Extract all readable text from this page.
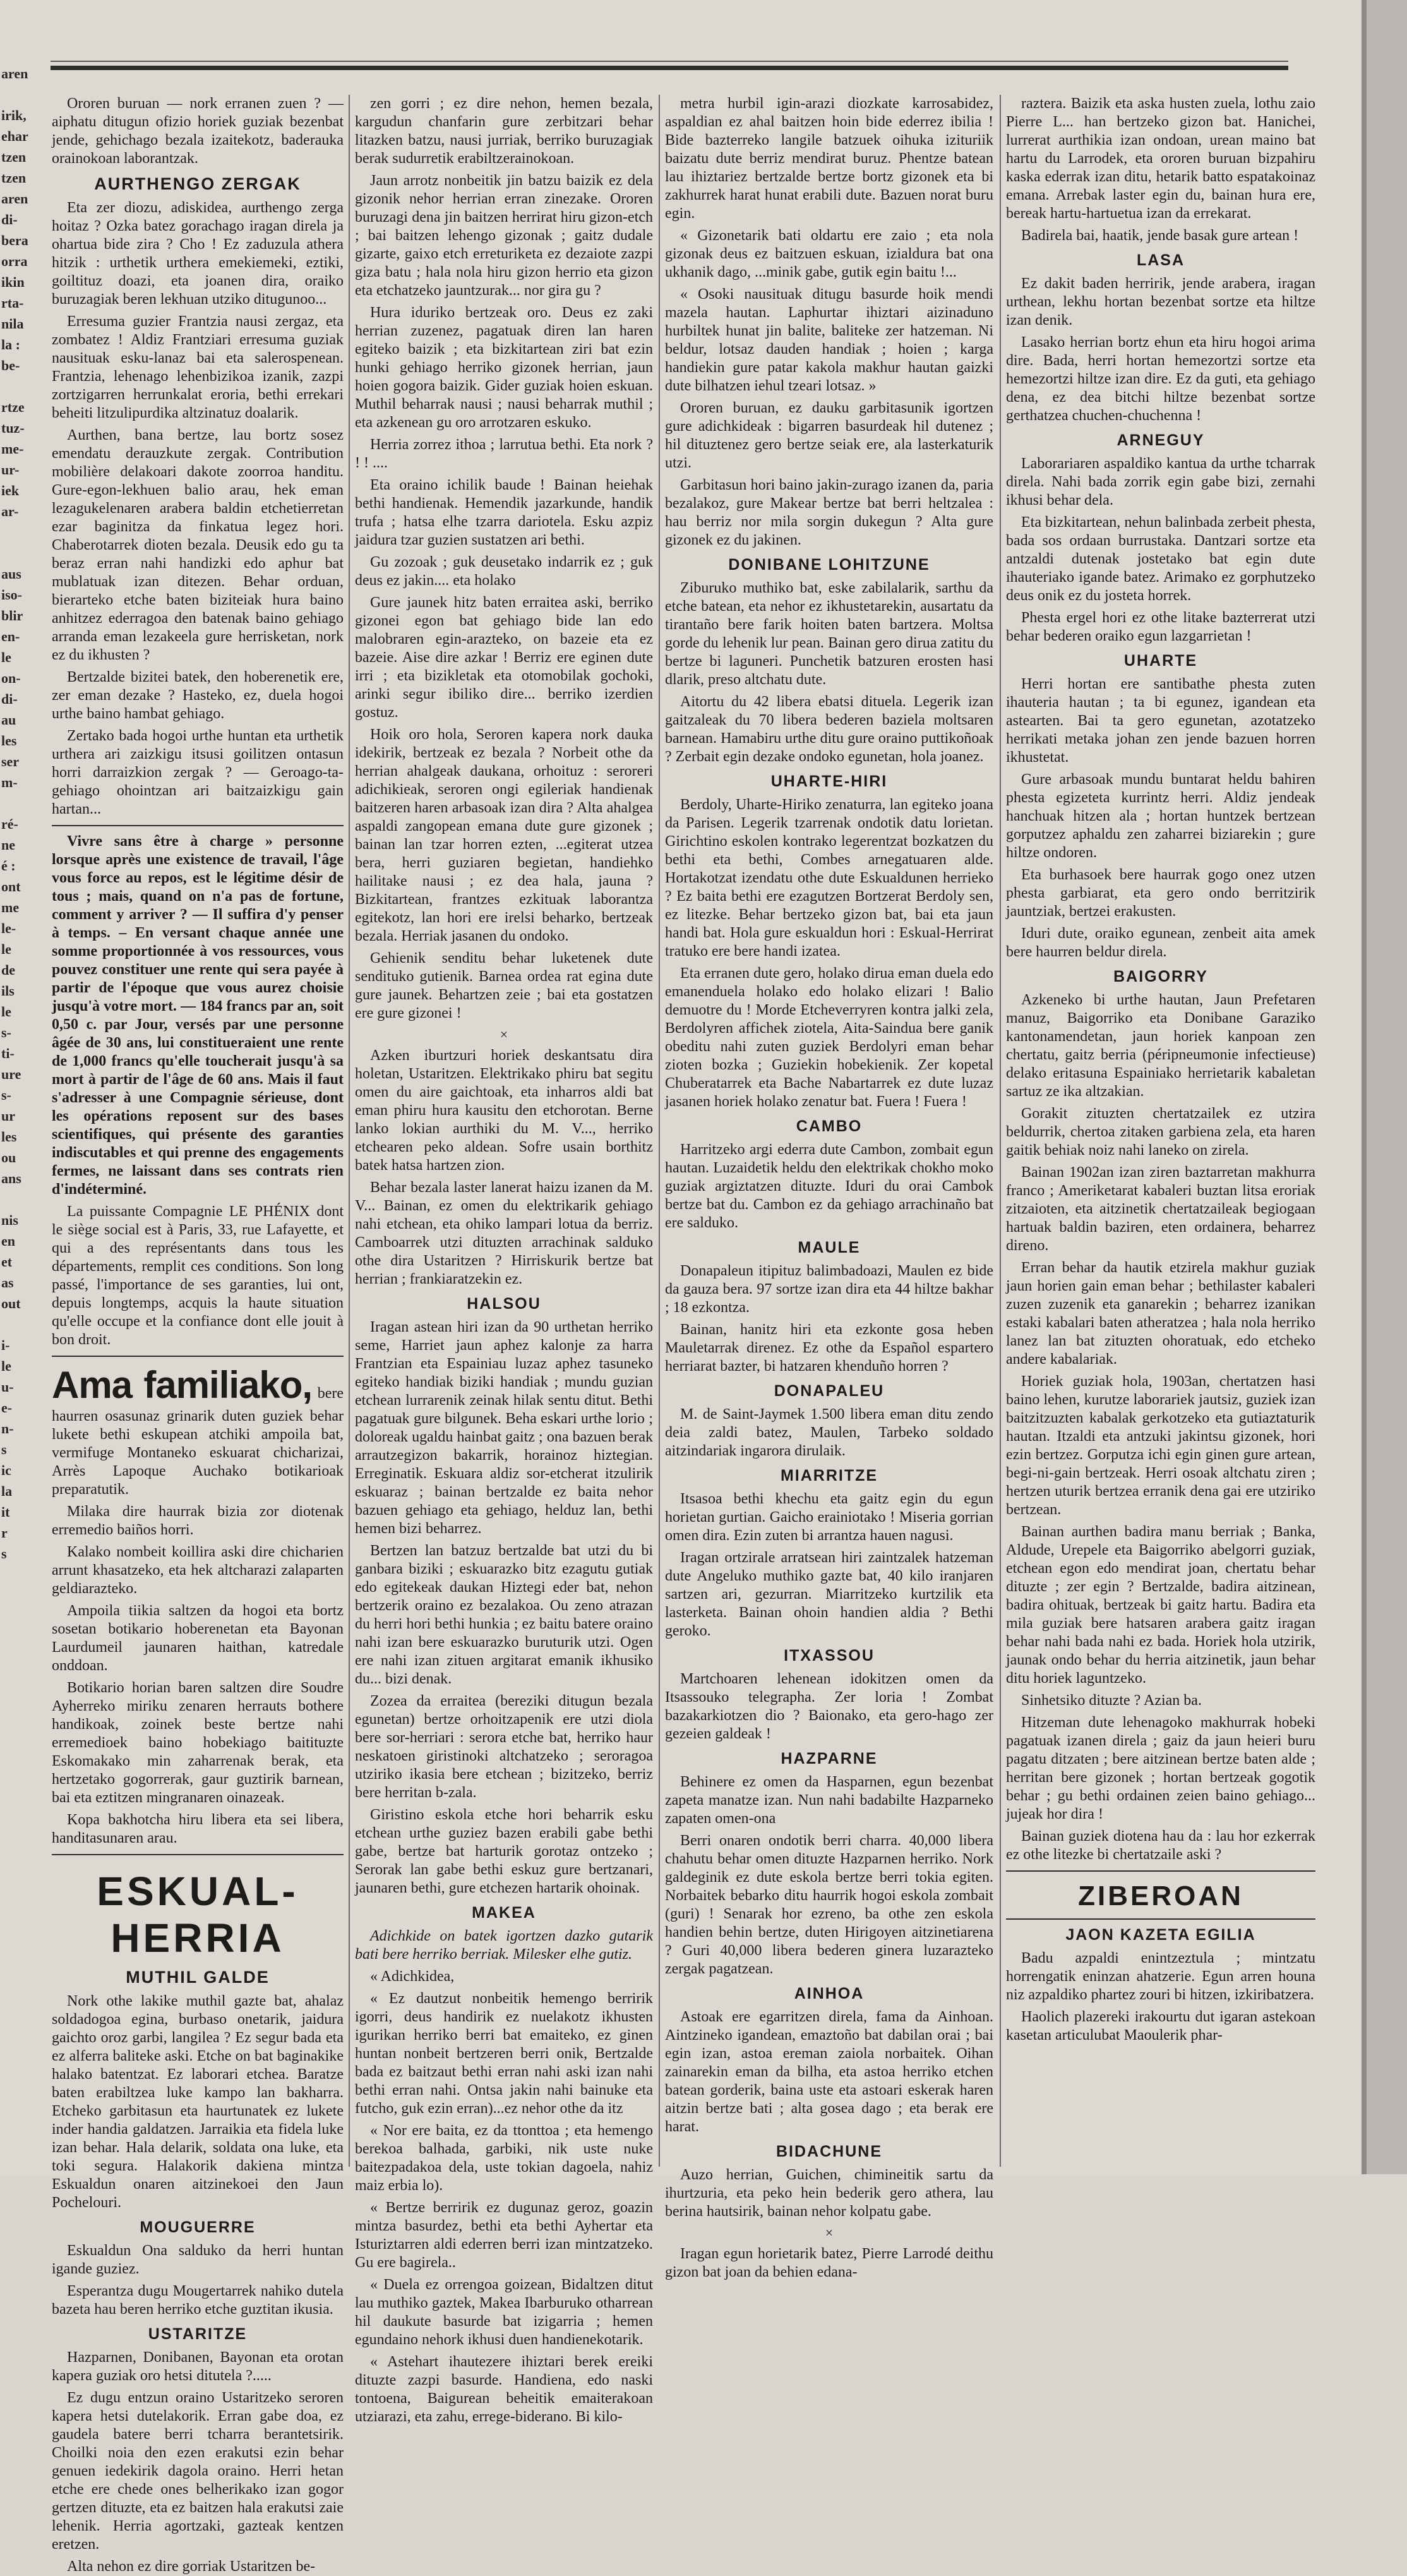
aren

irik,
ehar
tzen
tzen
aren
di-
bera
orra
ikin
rta-
nila
la :
be-

rtze
tuz-
me-
ur-
iek
ar-

aus
iso-
blir
en-
le
on-
di-
au
les
ser
m-

ré-
ne
é :
ont
me
le-
le
de
ils
le
s-
ti-
ure
s-
ur
les
ou
ans

nis
en
et
as
out

i-
le
u-
e-
n-
s
ic
la
it
r
s

Ororen buruan — nork erranen zuen ? — aiphatu ditugun ofizio horiek guziak bezenbat jende, gehichago bezala izaitekotz, baderauka orainokoan laborantzak.

AURTHENGO ZERGAK

Eta zer diozu, adiskidea, aurthengo zerga hoitaz ? Ozka batez gorachago iragan direla ja ohartua bide zira ? Cho ! Ez zaduzula athera hitzik : urthetik urthera emekiemeki, eztiki, goiltituz doazi, eta joanen dira, oraiko buruzagiak beren lekhuan utziko ditugunoo...

Erresuma guzier Frantzia nausi zergaz, eta zombatez ! Aldiz Frantziari erresuma guziak nausituak esku-lanaz bai eta salerospenean. Frantzia, lehenago lehenbizikoa izanik, zazpi zortzigarren herrunkalat eroria, bethi errekari beheiti litzulipurdika altzinatuz doalarik.

Aurthen, bana bertze, lau bortz sosez emendatu derauzkute zergak. Contribution mobilière delakoari dakote zoorroa handitu. Gure-egon-lekhuen balio arau, hek eman lezagukelenaren arabera baldin etchetierretan ezar baginitza da finkatua legez hori. Chaberotarrek dioten bezala. Deusik edo gu ta beraz erran nahi handizki edo aphur bat mublatuak izan ditezen. Behar orduan, bierarteko etche baten biziteiak hura baino anhitzez ederragoa den batenak baino gehiago arranda eman lezakeela gure herrisketan, nork ez du ikhusten ?

Bertzalde bizitei batek, den hoberenetik ere, zer eman dezake ? Hasteko, ez, duela hogoi urthe baino hambat gehiago.

Zertako bada hogoi urthe huntan eta urthetik urthera ari zaizkigu itsusi goilitzen ontasun horri darraizkion zergak ? — Geroago-ta-gehiago ohointzan ari baitzaizkigu gain hartan...

Vivre sans être à charge » personne lorsque après une existence de travail, l'âge vous force au repos, est le légitime désir de tous ; mais, quand on n'a pas de fortune, comment y arriver ? — Il suffira d'y penser à temps. – En versant chaque année une somme proportionnée à vos ressources, vous pouvez constituer une rente qui sera payée à partir de l'époque que vous aurez choisie jusqu'à votre mort. — 184 francs par an, soit 0,50 c. par Jour, versés par une personne âgée de 30 ans, lui constitueraient une rente de 1,000 francs qu'elle toucherait jusqu'à sa mort à partir de l'âge de 60 ans. Mais il faut s'adresser à une Compagnie sérieuse, dont les opérations reposent sur des bases scientifiques, qui présente des garanties indiscutables et qui prenne des engagements fermes, ne laissant dans ses contrats rien d'indéterminé.

La puissante Compagnie LE PHÉNIX dont le siège social est à Paris, 33, rue Lafayette, et qui a des représentants dans tous les départements, remplit ces conditions. Son long passé, l'importance de ses garanties, lui ont, depuis longtemps, acquis la haute situation qu'elle occupe et la confiance dont elle jouit à bon droit.

Ama familiako, bere haurren osasunaz grinarik duten guziek behar lukete bethi eskupean atchiki ampoila bat, vermifuge Montaneko eskuarat chicharizai, Arrès Lapoque Auchako botikarioak preparatutik.

Milaka dire haurrak bizia zor diotenak erremedio baiños horri.

Kalako nombeit koillira aski dire chicharien arrunt khasatzeko, eta hek altcharazi zalaparten geldiarazteko.

Ampoila tiikia saltzen da hogoi eta bortz sosetan botikario hoberenetan eta Bayonan Laurdumeil jaunaren haithan, katredale onddoan.

Botikario horian baren saltzen dire Soudre Ayherreko miriku zenaren herrauts bothere handikoak, zoinek beste bertze nahi erremedioek baino hobekiago baitituzte Eskomakako min zaharrenak berak, eta hertzetako gogorrerak, gaur guztirik barnean, bai eta eztitzen mingranaren oinazeak.

Kopa bakhotcha hiru libera eta sei libera, handitasunaren arau.

ESKUAL-HERRIA
MUTHIL GALDE

Nork othe lakike muthil gazte bat, ahalaz soldadogoa egina, burbaso onetarik, jaidura gaichto oroz garbi, langilea ? Ez segur bada eta ez alferra baliteke aski. Etche on bat baginakike halako batentzat. Ez laborari etchea. Baratze baten erabiltzea luke kampo lan bakharra. Etcheko garbitasun eta haurtunatek ez lukete inder handia galdatzen. Jarraikia eta fidela luke izan behar. Hala delarik, soldata ona luke, eta toki segura. Halakorik dakiena mintza Eskualdun onaren aitzinekoei den Jaun Pochelouri.

MOUGUERRE

Eskualdun Ona salduko da herri huntan igande guziez.

Esperantza dugu Mougertarrek nahiko dutela bazeta hau beren herriko etche guztitan ikusia.

USTARITZE

Hazparnen, Donibanen, Bayonan eta orotan kapera guziak oro hetsi ditutela ?.....

Ez dugu entzun oraino Ustaritzeko seroren kapera hetsi dutelakorik. Erran gabe doa, ez gaudela batere berri tcharra berantetsirik. Choilki noia den ezen erakutsi ezin behar genuen iedekirik dagola oraino. Herri hetan etche ere chede ones belherikako izan gogor gertzen dituzte, eta ez baitzen hala erakutsi zaie lehenik. Herria agortzaki, gazteak kentzen eretzen.

Alta nehon ez dire gorriak Ustaritzen be-

zen gorri ; ez dire nehon, hemen bezala, kargudun chanfarin gure zerbitzari behar litazken batzu, nausi jurriak, berriko buruzagiak berak sudurretik erabiltzerainokoan.

Jaun arrotz nonbeitik jin batzu baizik ez dela gizonik nehor herrian erran zinezake. Ororen buruzagi dena jin baitzen herrirat hiru gizon-etch ; bai baitzen lehengo gizonak ; gaitz dudale gizarte, gaixo etch erreturiketa ez dezaiote zazpi giza batu ; hala nola hiru gizon herrio eta gizon eta etchatzeko jauntzurak... nor gira gu ?

Hura iduriko bertzeak oro. Deus ez zaki herrian zuzenez, pagatuak diren lan haren egiteko baizik ; eta bizkitartean ziri bat ezin hunki gehiago herriko gizonek herrian, jaun hoien gogora baizik. Gider guziak hoien eskuan. Muthil beharrak nausi ; nausi beharrak muthil ; eta azkenean gu oro arrotzaren eskuko.

Herria zorrez ithoa ; larrutua bethi. Eta nork ? ! ! ....

Eta oraino ichilik baude ! Bainan heiehak bethi handienak. Hemendik jazarkunde, handik trufa ; hatsa elhe tzarra dariotela. Esku azpiz jaidura tzar guzien sustatzen ari bethi.

Gu zozoak ; guk deusetako indarrik ez ; guk deus ez jakin.... eta holako

Gure jaunek hitz baten erraitea aski, berriko gizonei egon bat gehiago bide lan edo malobraren egin-arazteko, on bazeie eta ez bazeie. Aise dire azkar ! Berriz ere eginen dute irri ; eta bizikletak eta otomobilak gochoki, arinki segur ibiliko dire... berriko izerdien gostuz.

Hoik oro hola, Seroren kapera nork dauka idekirik, bertzeak ez bezala ? Norbeit othe da herrian ahalgeak daukana, orhoituz : seroreri adichikieak, seroren ongi egileriak handienak baitzeren haren arbasoak izan dira ? Alta ahalgea aspaldi zangopean emana dute gure gizonek ; bainan lan tzar horren ezten, ...egiterat utzea bera, herri guziaren begietan, handiehko hailitake nausi ; ez dea hala, jauna ? Bizkitartean, frantzes ezkituak laborantza egitekotz, lan hori ere irelsi beharko, bertzeak bezala. Herriak jasanen du ondoko.

Gehienik senditu behar luketenek dute sendituko gutienik. Barnea ordea rat egina dute gure jaunek. Behartzen zeie ; bai eta gostatzen ere gure gizonei !

×

Azken iburtzuri horiek deskantsatu dira holetan, Ustaritzen. Elektrikako phiru bat segitu omen du aire gaichtoak, eta inharros aldi bat eman phiru hura kausitu den etchorotan. Berne lanko lokian aurthiki du M. V..., herriko etchearen peko aldean. Sofre usain borthitz batek hatsa hartzen zion.

Behar bezala laster lanerat haizu izanen da M. V... Bainan, ez omen du elektrikarik gehiago nahi etchean, eta ohiko lampari lotua da berriz. Camboarrek utzi dituzten arrachinak salduko othe dira Ustaritzen ? Hirriskurik bertze bat herrian ; frankiaratzekin ez.

HALSOU

Iragan astean hiri izan da 90 urthetan herriko seme, Harriet jaun aphez kalonje za harra Frantzian eta Espainiau luzaz aphez tasuneko egiteko handiak biziki handiak ; mundu guzian etchean lurrarenik zeinak hilak sentu ditut. Bethi pagatuak gure bilgunek. Beha eskari urthe lorio ; doloreak ugaldu hainbat gaitz ; ona bazuen berak arrautzegizon bakarrik, horainoz hiztegian. Erreginatik. Eskuara aldiz sor-etcherat itzulirik eskuaraz ; bainan bertzalde ez baita nehor bazuen gehiago eta gehiago, helduz lan, bethi hemen bizi beharrez.

Bertzen lan batzuz bertzalde bat utzi du bi ganbara biziki ; eskuarazko bitz ezagutu gutiak edo egitekeak daukan Hiztegi eder bat, nehon bertzerik oraino ez bezalakoa. Ou zeno atrazan du herri hori bethi hunkia ; ez baitu batere oraino nahi izan bere eskuarazko buruturik utzi. Ogen ere nahi izan zituen argitarat emanik ikhusiko du... bizi denak.

Zozea da erraitea (bereziki ditugun bezala egunetan) bertze orhoitzapenik ere utzi diola bere sor-herriari : serora etche bat, herriko haur neskatoen giristinoki altchatzeko ; seroragoa utziriko ikasia bere etchean ; bizitzeko, berriz bere herritan b-zala.

Giristino eskola etche hori beharrik esku etchean urthe guziez bazen erabili gabe bethi gabe, bertze bat harturik gorotaz ontzeko ; Serorak lan gabe bethi eskuz gure bertzanari, jaunaren bethi, gure etchezen hartarik ohoinak.

MAKEA

Adichkide on batek igortzen dazko gutarik bati bere herriko berriak. Milesker elhe gutiz.

« Adichkidea,

« Ez dautzut nonbeitik hemengo berririk igorri, deus handirik ez nuelakotz ikhusten igurikan herriko berri bat emaiteko, ez ginen huntan nonbeit bertzeren berri onik, Bertzalde bada ez baitzaut bethi erran nahi aski izan nahi bethi erran nahi. Ontsa jakin nahi bainuke eta futcho, guk ezin erran)...ez nehor othe da itz

« Nor ere baita, ez da ttonttoa ; eta hemengo berekoa balhada, garbiki, nik uste nuke baitezpadakoa dela, uste tokian dagoela, nahiz maiz erbia lo).

« Bertze berririk ez dugunaz geroz, goazin mintza basurdez, bethi eta bethi Ayhertar eta Isturiztarren aldi ederren berri izan mintzatzeko. Gu ere bagirela..

« Duela ez orrengoa goizean, Bidaltzen ditut lau muthiko gaztek, Makea Ibarburuko otharrean hil daukute basurde bat izigarria ; hemen egundaino nehork ikhusi duen handienekotarik.

« Astehart ihautezere ihiztari berek ereiki dituzte zazpi basurde. Handiena, edo naski tontoena, Baigurean beheitik emaiterakoan utziarazi, eta zahu, errege-biderano. Bi kilo-

metra hurbil igin-arazi diozkate karrosabidez, aspaldian ez ahal baitzen hoin bide ederrez ibilia ! Bide bazterreko langile batzuek oihuka izituriik baizatu dute berriz mendirat buruz. Phentze batean lau ihiztariez bertzalde bertze bortz gizonek eta bi zakhurrek harat hunat erabili dute. Bazuen norat buru egin.

« Gizonetarik bati oldartu ere zaio ; eta nola gizonak deus ez baitzuen eskuan, izialdura bat ona ukhanik dago, ...minik gabe, gutik egin baitu !...

« Osoki nausituak ditugu basurde hoik mendi mazela hautan. Laphurtar ihiztari aizinaduno hurbiltek hunat jin balite, baliteke zer hatzeman. Ni beldur, lotsaz dauden handiak ; hoien ; karga handiekin gure patar kakola makhur hautan gaizki dute bilhatzen iehul tzeari lotsaz. »

Ororen buruan, ez dauku garbitasunik igortzen gure adichkideak : bigarren basurdeak hil dutenez ; hil dituztenez gero bertze seiak ere, ala lasterkaturik utzi.

Garbitasun hori baino jakin-zurago izanen da, paria bezalakoz, gure Makear bertze bat berri heltzalea : hau berriz nor mila sorgin dukegun ? Alta gure gizonek ez du jakinen.

DONIBANE LOHITZUNE

Ziburuko muthiko bat, eske zabilalarik, sarthu da etche batean, eta nehor ez ikhustetarekin, ausartatu da tirantaño bere farik hoiten baten bartzera. Moltsa gorde du lehenik lur pean. Bainan gero dirua zatitu du bertze bi laguneri. Punchetik batzuren erosten hasi dlarik, preso altchatu dute.

Aitortu du 42 libera ebatsi dituela. Legerik izan gaitzaleak du 70 libera bederen baziela moltsaren barnean. Hamabiru urthe ditu gure oraino puttikoñoak ? Zerbait egin dezake ondoko egunetan, hola joanez.

UHARTE-HIRI

Berdoly, Uharte-Hiriko zenaturra, lan egiteko joana da Parisen. Legerik tzarrenak ondotik datu lorietan. Girichtino eskolen kontrako legerentzat bozkatzen du bethi eta bethi, Combes arnegatuaren alde. Hortakotzat izendatu othe dute Eskualdunen herrieko ? Ez baita bethi ere ezagutzen Bortzerat Berdoly sen, ez litezke. Behar bertzeko gizon bat, bai eta jaun handi bat. Hola gure eskualdun hori : Eskual-Herrirat tratuko ere bere handi izatea.

Eta erranen dute gero, holako dirua eman duela edo emanenduela holako edo holako elizari ! Balio demuotre du ! Morde Etcheverryren kontra jalki zela, Berdolyren affichek ziotela, Aita-Saindua bere ganik obeditu nahi zuten guziek Berdolyri eman behar zioten bozka ; Guziekin hobekienik. Zer kopetal Chuberatarrek eta Bache Nabartarrek ez dute luzaz jasanen horiek holako zenatur bat. Fuera ! Fuera !

CAMBO

Harritzeko argi ederra dute Cambon, zombait egun hautan. Luzaidetik heldu den elektrikak chokho moko guziak argiztatzen dituzte. Iduri du orai Cambok bertze bat du. Cambon ez da gehiago arrachinaño bat ere salduko.

MAULE

Donapaleun itipituz balimbadoazi, Maulen ez bide da gauza bera. 97 sortze izan dira eta 44 hiltze bakhar ; 18 ezkontza.

Bainan, hanitz hiri eta ezkonte gosa heben Mauletarrak direnez. Ez othe da Español espartero herriarat bazter, bi hatzaren khenduño horren ?

DONAPALEU

M. de Saint-Jaymek 1.500 libera eman ditu zendo deia zaldi batez, Maulen, Tarbeko soldado aitzindariak ingarora dirulaik.

MIARRITZE

Itsasoa bethi khechu eta gaitz egin du egun horietan gurtian. Gaicho erainiotako ! Miseria gorrian omen dira. Ezin zuten bi arrantza hauen nagusi.

Iragan ortzirale arratsean hiri zaintzalek hatzeman dute Angeluko muthiko gazte bat, 40 kilo iranjaren sartzen ari, gezurran. Miarritzeko kurtzilik eta lasterketa. Bainan ohoin handien aldia ? Bethi geroko.

ITXASSOU

Martchoaren lehenean idokitzen omen da Itsassouko telegrapha. Zer loria ! Zombat bazakarkiotzen dio ? Baionako, eta gero-hago zer gezeien galdeak !

HAZPARNE

Behinere ez omen da Hasparnen, egun bezenbat zapeta manatze izan. Nun nahi badabilte Hazparneko zapaten omen-ona

Berri onaren ondotik berri charra. 40,000 libera chahutu behar omen dituzte Hazparnen herriko. Nork galdeginik ez dute eskola bertze berri tokia egiten. Norbaitek bebarko ditu haurrik hogoi eskola zombait (guri) ! Senarak hor ezreno, ba othe zen eskola handien behin bertze, duten Hirigoyen aitzinetiarena ? Guri 40,000 libera bederen ginera luzarazteko zergak pagatzean.

AINHOA

Astoak ere egarritzen direla, fama da Ainhoan. Aintzineko igandean, emaztoño bat dabilan orai ; bai egin izan, astoa ereman zaiola norbaitek. Oihan zainarekin eman da bilha, eta astoa herriko etchen batean gorderik, baina uste eta astoari eskerak haren aitzin bertze bati ; alta gosea dago ; eta berak ere harat.

BIDACHUNE

Auzo herrian, Guichen, chimineitik sartu da ihurtzuria, eta peko hein bederik gero athera, lau berina hautsirik, bainan nehor kolpatu gabe.

×

Iragan egun horietarik batez, Pierre Larrodé deithu gizon bat joan da behien edana-

raztera. Baizik eta aska husten zuela, lothu zaio Pierre L... han bertzeko gizon bat. Hanichei, lurrerat aurthikia izan ondoan, urean maino bat hartu du Larrodek, eta ororen buruan bizpahiru kaska ederrak izan ditu, hetarik batto espatakoinaz emana. Arrebak laster egin du, bainan hura ere, bereak hartu-hartuetua izan da errekarat.

Badirela bai, haatik, jende basak gure artean !

LASA

Ez dakit baden herririk, jende arabera, iragan urthean, lekhu hortan bezenbat sortze eta hiltze izan denik.

Lasako herrian bortz ehun eta hiru hogoi arima dire. Bada, herri hortan hemezortzi sortze eta hemezortzi hiltze izan dire. Ez da guti, eta gehiago dena, ez dea bitchi hiltze bezenbat sortze gerthatzea chuchen-chuchenna !

ARNEGUY

Laborariaren aspaldiko kantua da urthe tcharrak direla. Nahi bada zorrik egin gabe bizi, zernahi ikhusi behar dela.

Eta bizkitartean, nehun balinbada zerbeit phesta, bada sos ordaan burrustaka. Dantzari sortze eta antzaldi dutenak jostetako bat egin dute ihauteriako igande batez. Arimako ez gorphutzeko deus onik ez du josteta horrek.

Phesta ergel hori ez othe litake bazterrerat utzi behar bederen oraiko egun lazgarrietan !

UHARTE

Herri hortan ere santibathe phesta zuten ihauteria hautan ; ta bi egunez, igandean eta astearten. Bai ta gero egunetan, azotatzeko herrikati metaka johan zen jende bazuen horren ikhustetat.

Gure arbasoak mundu buntarat heldu bahiren phesta egizeteta kurrintz herri. Aldiz jendeak hanchuak hitzen ala ; hortan huntzek bertzean gorputzez aphaldu zen zaharrei biziarekin ; gure hiltze ondoren.

Eta burhasoek bere haurrak gogo onez utzen phesta garbiarat, eta gero ondo berritzirik jauntziak, bertzei erakusten.

Iduri dute, oraiko egunean, zenbeit aita amek bere haurren beldur direla.

BAIGORRY

Azkeneko bi urthe hautan, Jaun Prefetaren manuz, Baigorriko eta Donibane Garaziko kantonamendetan, jaun horiek kanpoan zen chertatu, gaitz berria (péripneumonie infectieuse) delako eritasuna Espainiako herrietarik kabaletan sartuz ze ika altzakian.

Gorakit zituzten chertatzailek ez utzira beldurrik, chertoa zitaken garbiena zela, eta haren gaitik behiak noiz nahi laneko on zirela.

Bainan 1902an izan ziren baztarretan makhurra franco ; Ameriketarat kabaleri buztan litsa eroriak zitzaioten, eta aitzinetik chertatzaileak begiogaan hartuak baldin baziren, eten ordainera, beharrez direno.

Erran behar da hautik etzirela makhur guziak jaun horien gain eman behar ; bethilaster kabaleri zuzen zuzenik eta ganarekin ; beharrez izanikan estaki kabalari baten atheratzea ; hala nola herriko lanez lan bat zituzten ohoratuak, edo etcheko andere kabalariak.

Horiek guziak hola, 1903an, chertatzen hasi baino lehen, kurutze laborariek jautsiz, guziek izan baitzitzuzten kabalak gerkotzeko eta gutiaztaturik hautan. Itzaldi eta antzuki jakintsu gizonek, hori ezin bertzez. Gorputza ichi egin ginen gure artean, begi-ni-gain bertzeak. Herri osoak altchatu ziren ; hertzen uturik bertzea erranik dena gai ere utziriko bertzean.

Bainan aurthen badira manu berriak ; Banka, Aldude, Urepele eta Baigorriko abelgorri guziak, etchean egon edo mendirat joan, chertatu behar dituzte ; zer egin ? Bertzalde, badira aitzinean, badira ohituak, bertzeak bi gaitz hartu. Badira eta mila guziak bere hatsaren arabera gaitz iragan behar nahi bada nahi ez bada. Horiek hola utzirik, jaunak ondo behar du herria aitzinetik, jaun behar ditu horiek laguntzeko.

Sinhetsiko dituzte ? Azian ba.

Hitzeman dute lehenagoko makhurrak hobeki pagatuak izanen direla ; gaiz da jaun heieri buru pagatu ditzaten ; bere aitzinean bertze baten alde ; herritan bere gizonek ; hortan bertzeak gogotik behar ; gu bethi ordainen zeien baino gehiago... jujeak hor dira !

Bainan guziek diotena hau da : lau hor ezkerrak ez othe litezke bi chertatzaile aski ?

ZIBEROAN
JAON KAZETA EGILIA

Badu azpaldi enintzeztula ; mintzatu horrengatik eninzan ahatzerie. Egun arren houna niz azpaldiko phartez zouri bi hitzen, izkiribatzera.

Haolich plazereki irakourtu dut igaran astekoan kasetan articulubat Maoulerik phar-
